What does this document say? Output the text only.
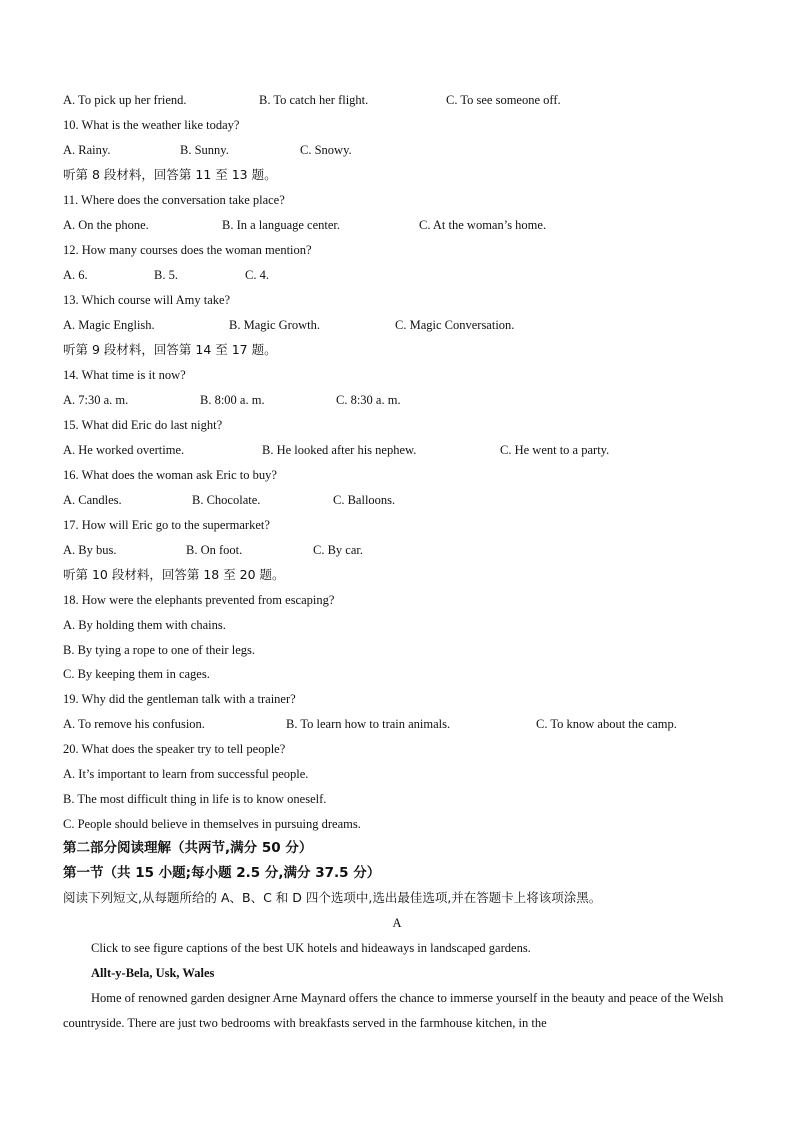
A. To pick up her friend.	B. To catch her flight.	C. To see someone off.
10. What is the weather like today?
A. Rainy.	B. Sunny.	C. Snowy.
听第 8 段材料，回答第 11 至 13 题。
11. Where does the conversation take place?
A. On the phone.	B. In a language center.	C. At the woman’s home.
12. How many courses does the woman mention?
A. 6.	B. 5.	C. 4.
13. Which course will Amy take?
A. Magic English.	B. Magic Growth.	C. Magic Conversation.
听第 9 段材料，回答第 14 至 17 题。
14. What time is it now?
A. 7:30 a. m.	B. 8:00 a. m.	C. 8:30 a. m.
15. What did Eric do last night?
A. He worked overtime.	B. He looked after his nephew.	C. He went to a party.
16. What does the woman ask Eric to buy?
A. Candles.	B. Chocolate.	C. Balloons.
17. How will Eric go to the supermarket?
A. By bus.	B. On foot.	C. By car.
听第 10 段材料，回答第 18 至 20 题。
18. How were the elephants prevented from escaping?
A. By holding them with chains.
B. By tying a rope to one of their legs.
C. By keeping them in cages.
19. Why did the gentleman talk with a trainer?
A. To remove his confusion.	B. To learn how to train animals.	C. To know about the camp.
20. What does the speaker try to tell people?
A. It’s important to learn from successful people.
B. The most difficult thing in life is to know oneself.
C. People should believe in themselves in pursuing dreams.
第二部分阅读理解（共两节,满分 50 分）
第一节（共 15 小题;每小题 2.5 分,满分 37.5 分）
阅读下列短文,从每题所给的 A、B、C 和 D 四个选项中,选出最佳选项,并在答题卡上将该项涂黑。
A
Click to see figure captions of the best UK hotels and hideaways in landscaped gardens.
Allt-y-Bela, Usk, Wales
Home of renowned garden designer Arne Maynard offers the chance to immerse yourself in the beauty and peace of the Welsh countryside. There are just two bedrooms with breakfasts served in the farmhouse kitchen, in the
